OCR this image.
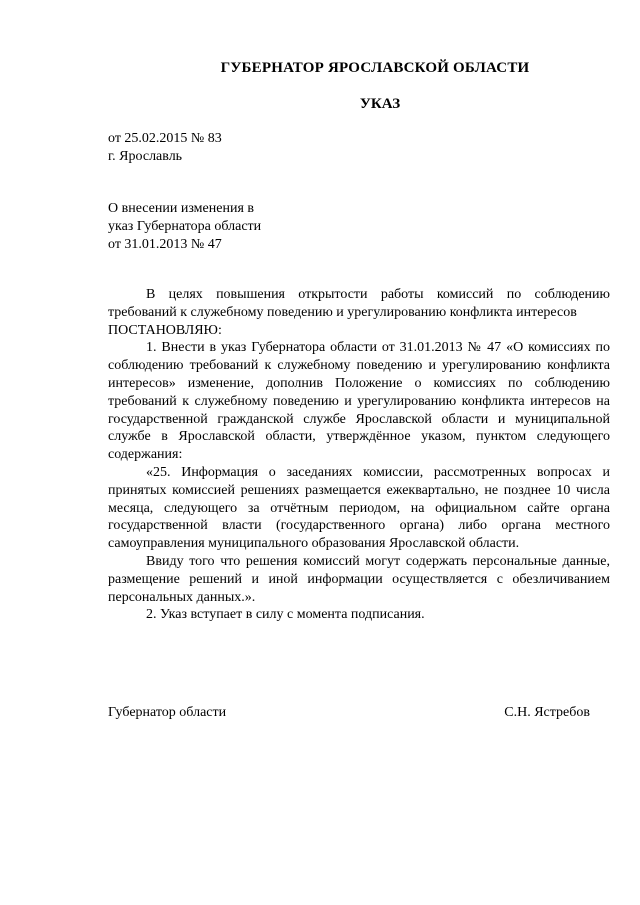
ГУБЕРНАТОР ЯРОСЛАВСКОЙ ОБЛАСТИ
УКАЗ
от 25.02.2015 № 83
г. Ярославль
О внесении изменения в
указ Губернатора области
от 31.01.2013 № 47

В целях повышения открытости работы комиссий по соблюдению требований к служебному поведению и урегулированию конфликта интересов

ПОСТАНОВЛЯЮ:

1. Внести в указ Губернатора области от 31.01.2013 № 47 «О комиссиях по соблюдению требований к служебному поведению и урегулированию конфликта интересов» изменение, дополнив Положение о комиссиях по соблюдению требований к служебному поведению и урегулированию конфликта интересов на государственной гражданской службе Ярославской области и муниципальной службе в Ярославской области, утверждённое указом, пунктом следующего содержания:

«25. Информация о заседаниях комиссии, рассмотренных вопросах и принятых комиссией решениях размещается ежеквартально, не позднее 10 числа месяца, следующего за отчётным периодом, на официальном сайте органа государственной власти (государственного органа) либо органа местного самоуправления муниципального образования Ярославской области.

Ввиду того что решения комиссий могут содержать персональные данные, размещение решений и иной информации осуществляется с обезличиванием персональных данных.».

2. Указ вступает в силу с момента подписания.

Губернатор области	С.Н. Ястребов
